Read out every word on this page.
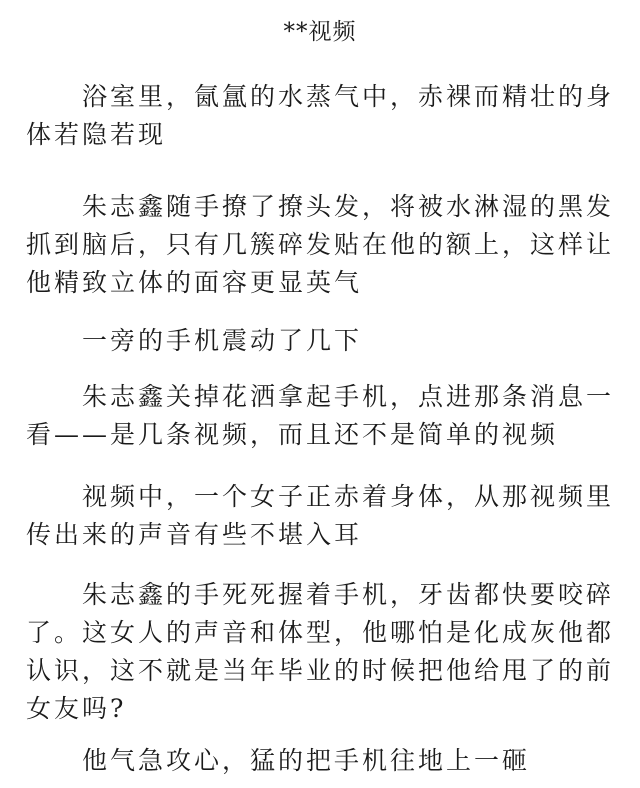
**视频

浴室里，氤氲的水蒸气中，赤裸而精壮的身体若隐若现

朱志鑫随手撩了撩头发，将被水淋湿的黑发抓到脑后，只有几簇碎发贴在他的额上，这样让他精致立体的面容更显英气

一旁的手机震动了几下

朱志鑫关掉花洒拿起手机，点进那条消息一看——是几条视频，而且还不是简单的视频

视频中，一个女子正赤着身体，从那视频里传出来的声音有些不堪入耳

朱志鑫的手死死握着手机，牙齿都快要咬碎了。这女人的声音和体型，他哪怕是化成灰他都认识，这不就是当年毕业的时候把他给甩了的前女友吗?

他气急攻心，猛的把手机往地上一砸
